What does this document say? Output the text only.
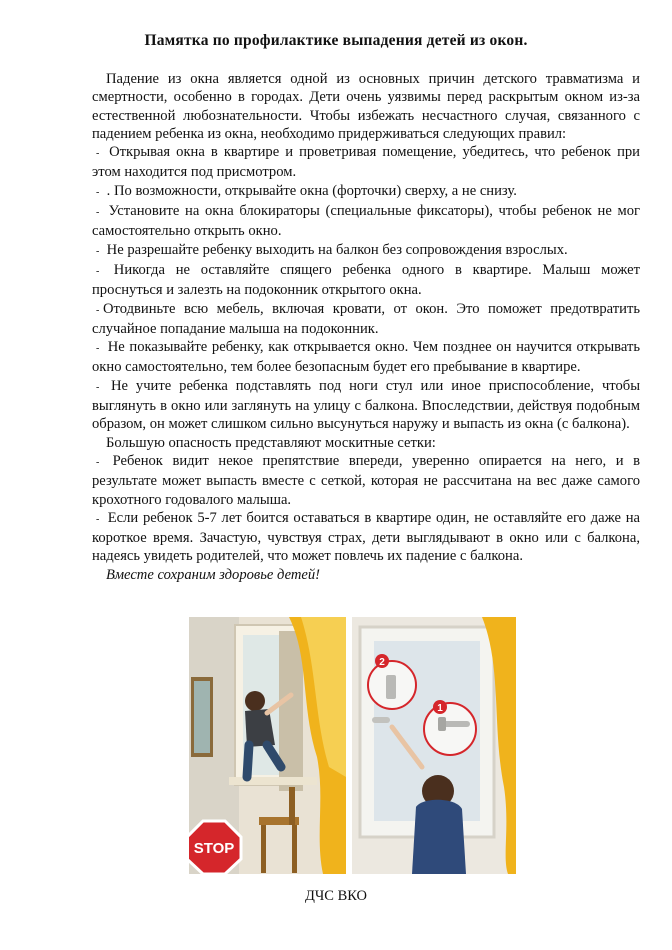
Памятка по профилактике выпадения детей из окон.

Падение из окна является одной из основных причин детского травматизма и смертности, особенно в городах. Дети очень уязвимы перед раскрытым окном из-за естественной любознательности. Чтобы избежать несчастного случая, связанного с падением ребенка из окна, необходимо придерживаться следующих правил:

- Открывая окна в квартире и проветривая помещение, убедитесь, что ребенок при этом находится под присмотром.

- . По возможности, открывайте окна (форточки) сверху, а не снизу.

- Установите на окна блокираторы (специальные фиксаторы), чтобы ребенок не мог самостоятельно открыть окно.

- Не разрешайте ребенку выходить на балкон без сопровождения взрослых.

- Никогда не оставляйте спящего ребенка одного в квартире. Малыш может проснуться и залезть на подоконник открытого окна.

- Отодвиньте всю мебель, включая кровати, от окон. Это поможет предотвратить случайное попадание малыша на подоконник.

- Не показывайте ребенку, как открывается окно. Чем позднее он научится открывать окно самостоятельно, тем более безопасным будет его пребывание в квартире.

- Не учите ребенка подставлять под ноги стул или иное приспособление, чтобы выглянуть в окно или заглянуть на улицу с балкона. Впоследствии, действуя подобным образом, он может слишком сильно высунуться наружу и выпасть из окна (с балкона).

Большую опасность представляют москитные сетки:

- Ребенок видит некое препятствие впереди, уверенно опирается на него, и в результате может выпасть вместе с сеткой, которая не рассчитана на вес даже самого крохотного годовалого малыша.

- Если ребенок 5-7 лет боится оставаться в квартире один, не оставляйте его даже на короткое время. Зачастую, чувствуя страх, дети выглядывают в окно или с балкона, надеясь увидеть родителей, что может повлечь их падение с балкона.

Вместе сохраним здоровье детей!

STOP
2
1
ДЧС ВКО
